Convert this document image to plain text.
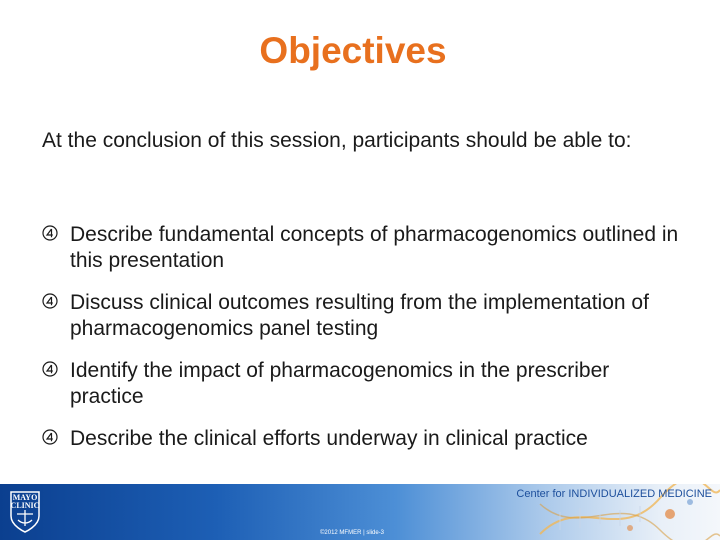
Objectives
At the conclusion of this session, participants should be able to:
Describe fundamental concepts of pharmacogenomics outlined in this presentation
Discuss clinical outcomes resulting from the implementation of pharmacogenomics panel testing
Identify the impact of pharmacogenomics in the prescriber practice
Describe the clinical efforts underway in clinical practice
MAYO
CLINIC
Center for INDIVIDUALIZED MEDICINE
©2012 MFMER | slide-3
